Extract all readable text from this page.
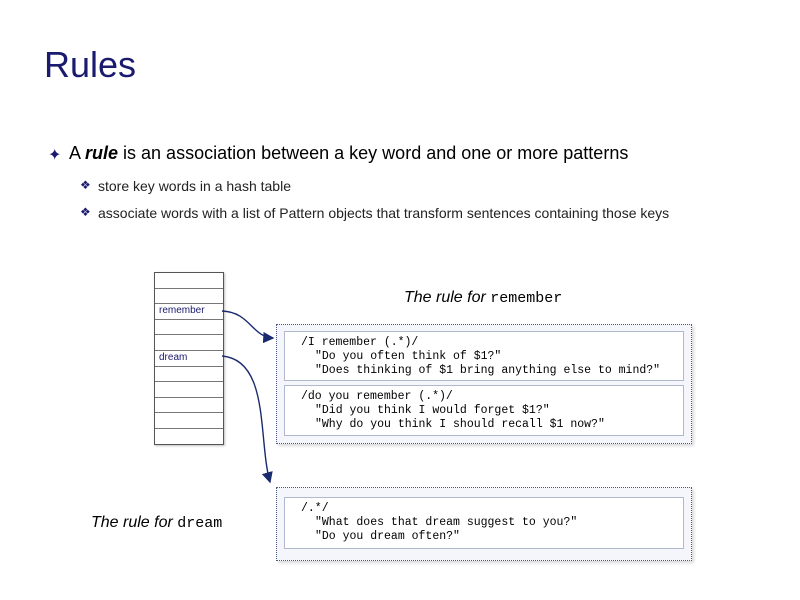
Rules
✦ A rule is an association between a key word and one or more patterns
❖ store key words in a hash table
❖ associate words with a list of Pattern objects that transform sentences containing those keys
remember
dream
The rule for remember
The rule for dream
/I remember (.*)/
"Do you often think of $1?"
"Does thinking of $1 bring anything else to mind?"
/do you remember (.*)/
"Did you think I would forget $1?"
"Why do you think I should recall $1 now?"
/.*/
"What does that dream suggest to you?"
"Do you dream often?"
